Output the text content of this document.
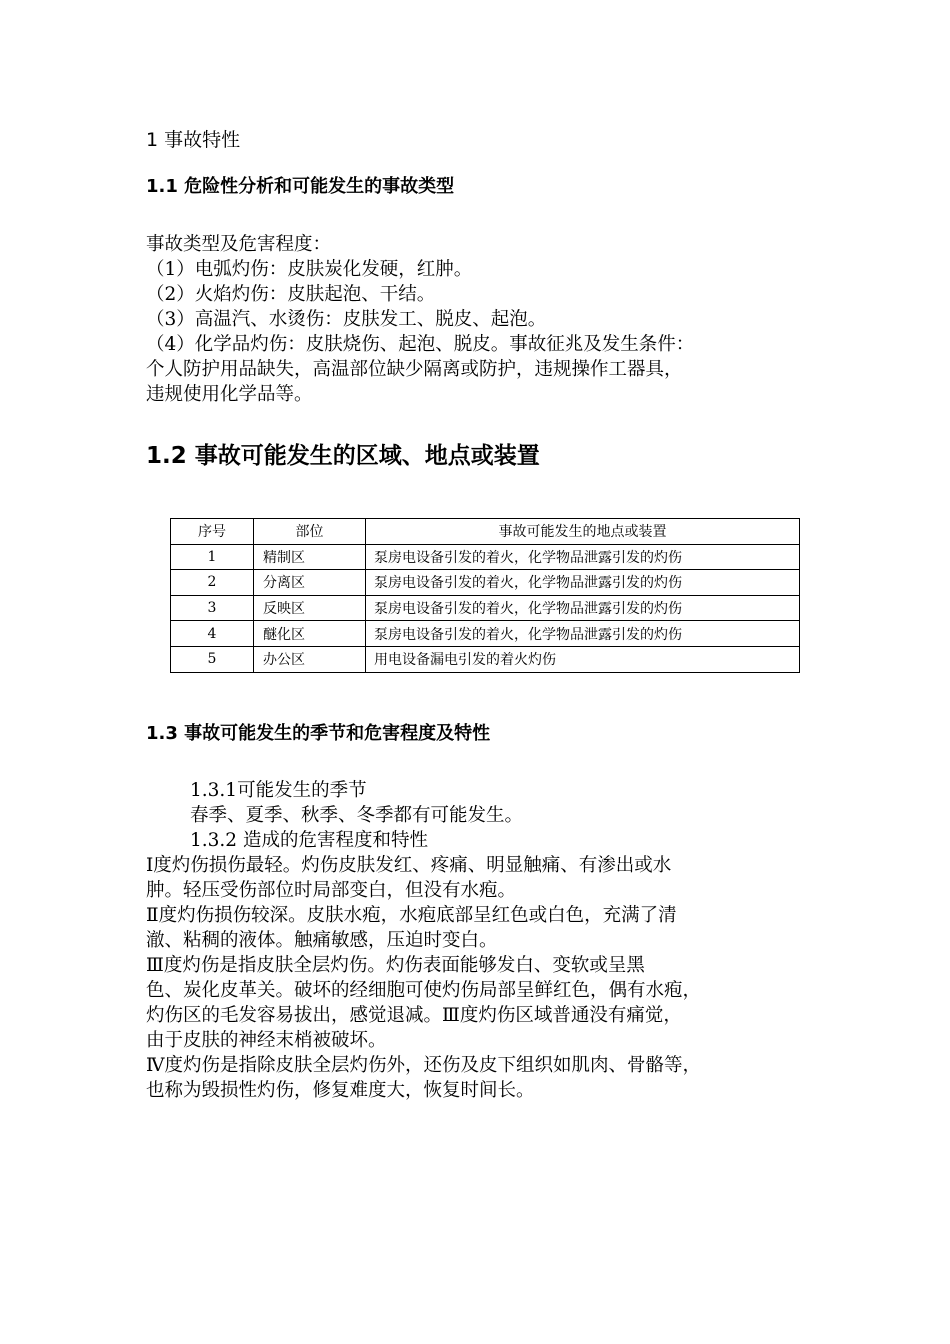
1 事故特性
1.1 危险性分析和可能发生的事故类型
事故类型及危害程度：
（1）电弧灼伤：皮肤炭化发硬，红肿。
（2）火焰灼伤：皮肤起泡、干结。
（3）高温汽、水烫伤：皮肤发工、脱皮、起泡。
（4）化学品灼伤：皮肤烧伤、起泡、脱皮。事故征兆及发生条件：
个人防护用品缺失，高温部位缺少隔离或防护，违规操作工器具，
违规使用化学品等。
1.2 事故可能发生的区域、地点或装置
序号	部位	事故可能发生的地点或装置
1	精制区	泵房电设备引发的着火，化学物品泄露引发的灼伤
2	分离区	泵房电设备引发的着火，化学物品泄露引发的灼伤
3	反映区	泵房电设备引发的着火，化学物品泄露引发的灼伤
4	醚化区	泵房电设备引发的着火，化学物品泄露引发的灼伤
5	办公区	用电设备漏电引发的着火灼伤
1.3 事故可能发生的季节和危害程度及特性
1.3.1可能发生的季节
春季、夏季、秋季、冬季都有可能发生。
1.3.2 造成的危害程度和特性
Ⅰ度灼伤损伤最轻。灼伤皮肤发红、疼痛、明显触痛、有渗出或水
肿。轻压受伤部位时局部变白，但没有水疱。
Ⅱ度灼伤损伤较深。皮肤水疱，水疱底部呈红色或白色，充满了清
澈、粘稠的液体。触痛敏感，压迫时变白。
Ⅲ度灼伤是指皮肤全层灼伤。灼伤表面能够发白、变软或呈黑
色、炭化皮革关。破坏的经细胞可使灼伤局部呈鲜红色，偶有水疱，
灼伤区的毛发容易拔出，感觉退减。Ⅲ度灼伤区域普通没有痛觉，
由于皮肤的神经末梢被破坏。
Ⅳ度灼伤是指除皮肤全层灼伤外，还伤及皮下组织如肌肉、骨骼等，
也称为毁损性灼伤，修复难度大，恢复时间长。
